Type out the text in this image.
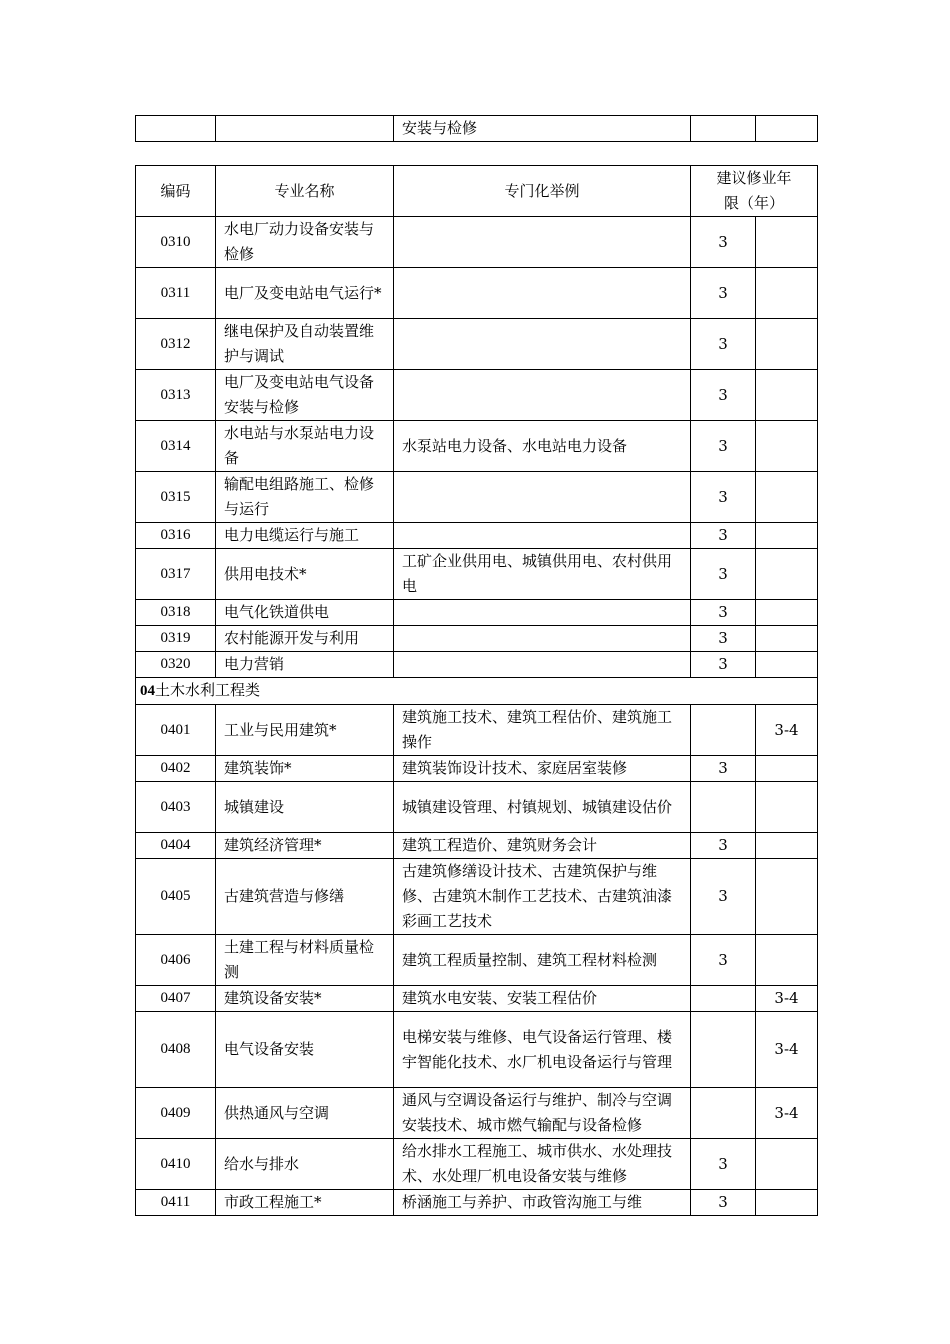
		安装与检修		
编码	专业名称	专门化举例	建议修业年限（年）	
0310	水电厂动力设备安装与检修		3	
0311	电厂及变电站电气运行*		3	
0312	继电保护及自动装置维护与调试		3	
0313	电厂及变电站电气设备安装与检修		3	
0314	水电站与水泵站电力设备	水泵站电力设备、水电站电力设备	3	
0315	输配电组路施工、检修与运行		3	
0316	电力电缆运行与施工		3	
0317	供用电技术*	工矿企业供用电、城镇供用电、农村供用电	3	
0318	电气化铁道供电		3	
0319	农村能源开发与利用		3	
0320	电力营销		3	
04土木水利工程类				
0401	工业与民用建筑*	建筑施工技术、建筑工程估价、建筑施工操作		3-4
0402	建筑装饰*	建筑装饰设计技术、家庭居室装修	3	
0403	城镇建设	城镇建设管理、村镇规划、城镇建设估价		
0404	建筑经济管理*	建筑工程造价、建筑财务会计	3	
0405	古建筑营造与修缮	古建筑修缮设计技术、古建筑保护与维修、古建筑木制作工艺技术、古建筑油漆彩画工艺技术	3	
0406	土建工程与材料质量检测	建筑工程质量控制、建筑工程材料检测	3	
0407	建筑设备安装*	建筑水电安装、安装工程估价		3-4
0408	电气设备安装	电梯安装与维修、电气设备运行管理、楼宇智能化技术、水厂机电设备运行与管理		3-4
0409	供热通风与空调	通风与空调设备运行与维护、制冷与空调安装技术、城市燃气输配与设备检修		3-4
0410	给水与排水	给水排水工程施工、城市供水、水处理技术、水处理厂机电设备安装与维修	3	
0411	市政工程施工*	桥涵施工与养护、市政管沟施工与维	3	
